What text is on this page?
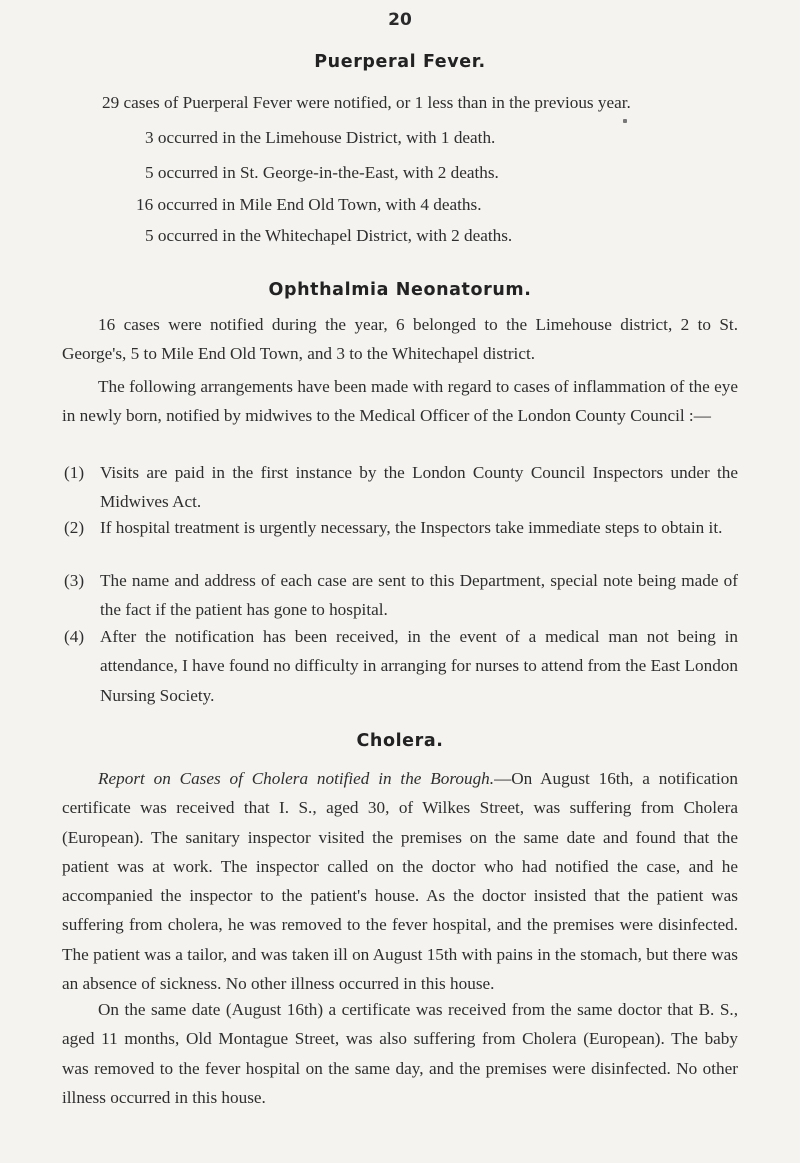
20
Puerperal Fever.
29 cases of Puerperal Fever were notified, or 1 less than in the previous year.
3 occurred in the Limehouse District, with 1 death.
5 occurred in St. George-in-the-East, with 2 deaths.
16 occurred in Mile End Old Town, with 4 deaths.
5 occurred in the Whitechapel District, with 2 deaths.
Ophthalmia Neonatorum.
16 cases were notified during the year, 6 belonged to the Limehouse district, 2 to St. George's, 5 to Mile End Old Town, and 3 to the Whitechapel district.
The following arrangements have been made with regard to cases of inflammation of the eye in newly born, notified by midwives to the Medical Officer of the London County Council :—
(1) Visits are paid in the first instance by the London County Council Inspectors under the Midwives Act.
(2) If hospital treatment is urgently necessary, the Inspectors take immediate steps to obtain it.
(3) The name and address of each case are sent to this Department, special note being made of the fact if the patient has gone to hospital.
(4) After the notification has been received, in the event of a medical man not being in attendance, I have found no difficulty in arranging for nurses to attend from the East London Nursing Society.
Cholera.
Report on Cases of Cholera notified in the Borough.—On August 16th, a notification certificate was received that I. S., aged 30, of Wilkes Street, was suffering from Cholera (European). The sanitary inspector visited the premises on the same date and found that the patient was at work. The inspector called on the doctor who had notified the case, and he accompanied the inspector to the patient's house. As the doctor insisted that the patient was suffering from cholera, he was removed to the fever hospital, and the premises were disinfected. The patient was a tailor, and was taken ill on August 15th with pains in the stomach, but there was an absence of sickness. No other illness occurred in this house.
On the same date (August 16th) a certificate was received from the same doctor that B. S., aged 11 months, Old Montague Street, was also suffering from Cholera (European). The baby was removed to the fever hospital on the same day, and the premises were disinfected. No other illness occurred in this house.
